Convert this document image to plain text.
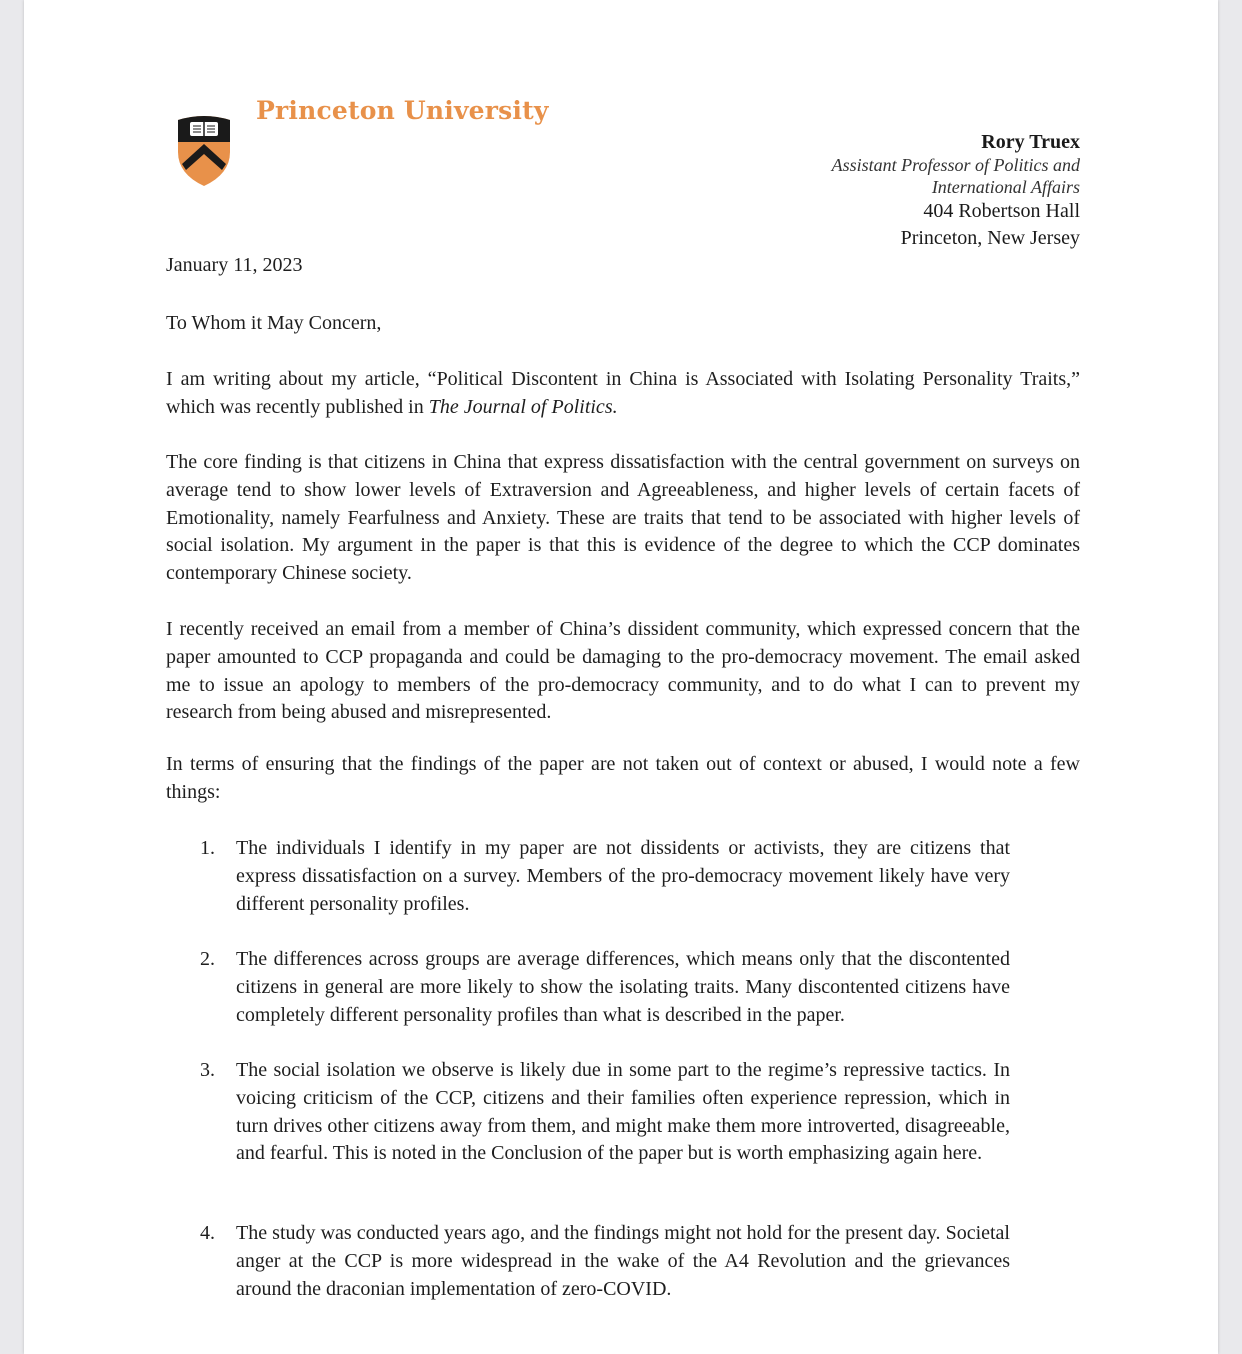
Princeton University
Rory Truex
Assistant Professor of Politics and
International Affairs
404 Robertson Hall
Princeton, New Jersey
January 11, 2023
To Whom it May Concern,
I am writing about my article, “Political Discontent in China is Associated with Isolating Personality Traits,” which was recently published in The Journal of Politics.
The core finding is that citizens in China that express dissatisfaction with the central government on surveys on average tend to show lower levels of Extraversion and Agreeableness, and higher levels of certain facets of Emotionality, namely Fearfulness and Anxiety. These are traits that tend to be associated with higher levels of social isolation. My argument in the paper is that this is evidence of the degree to which the CCP dominates contemporary Chinese society.
I recently received an email from a member of China’s dissident community, which expressed concern that the paper amounted to CCP propaganda and could be damaging to the pro-democracy movement. The email asked me to issue an apology to members of the pro-democracy community, and to do what I can to prevent my research from being abused and misrepresented.
In terms of ensuring that the findings of the paper are not taken out of context or abused, I would note a few things:
1.	The individuals I identify in my paper are not dissidents or activists, they are citizens that express dissatisfaction on a survey. Members of the pro-democracy movement likely have very different personality profiles.
2.	The differences across groups are average differences, which means only that the discontented citizens in general are more likely to show the isolating traits. Many discontented citizens have completely different personality profiles than what is described in the paper.
3.	The social isolation we observe is likely due in some part to the regime’s repressive tactics. In voicing criticism of the CCP, citizens and their families often experience repression, which in turn drives other citizens away from them, and might make them more introverted, disagreeable, and fearful. This is noted in the Conclusion of the paper but is worth emphasizing again here.
4.	The study was conducted years ago, and the findings might not hold for the present day. Societal anger at the CCP is more widespread in the wake of the A4 Revolution and the grievances around the draconian implementation of zero-COVID.
